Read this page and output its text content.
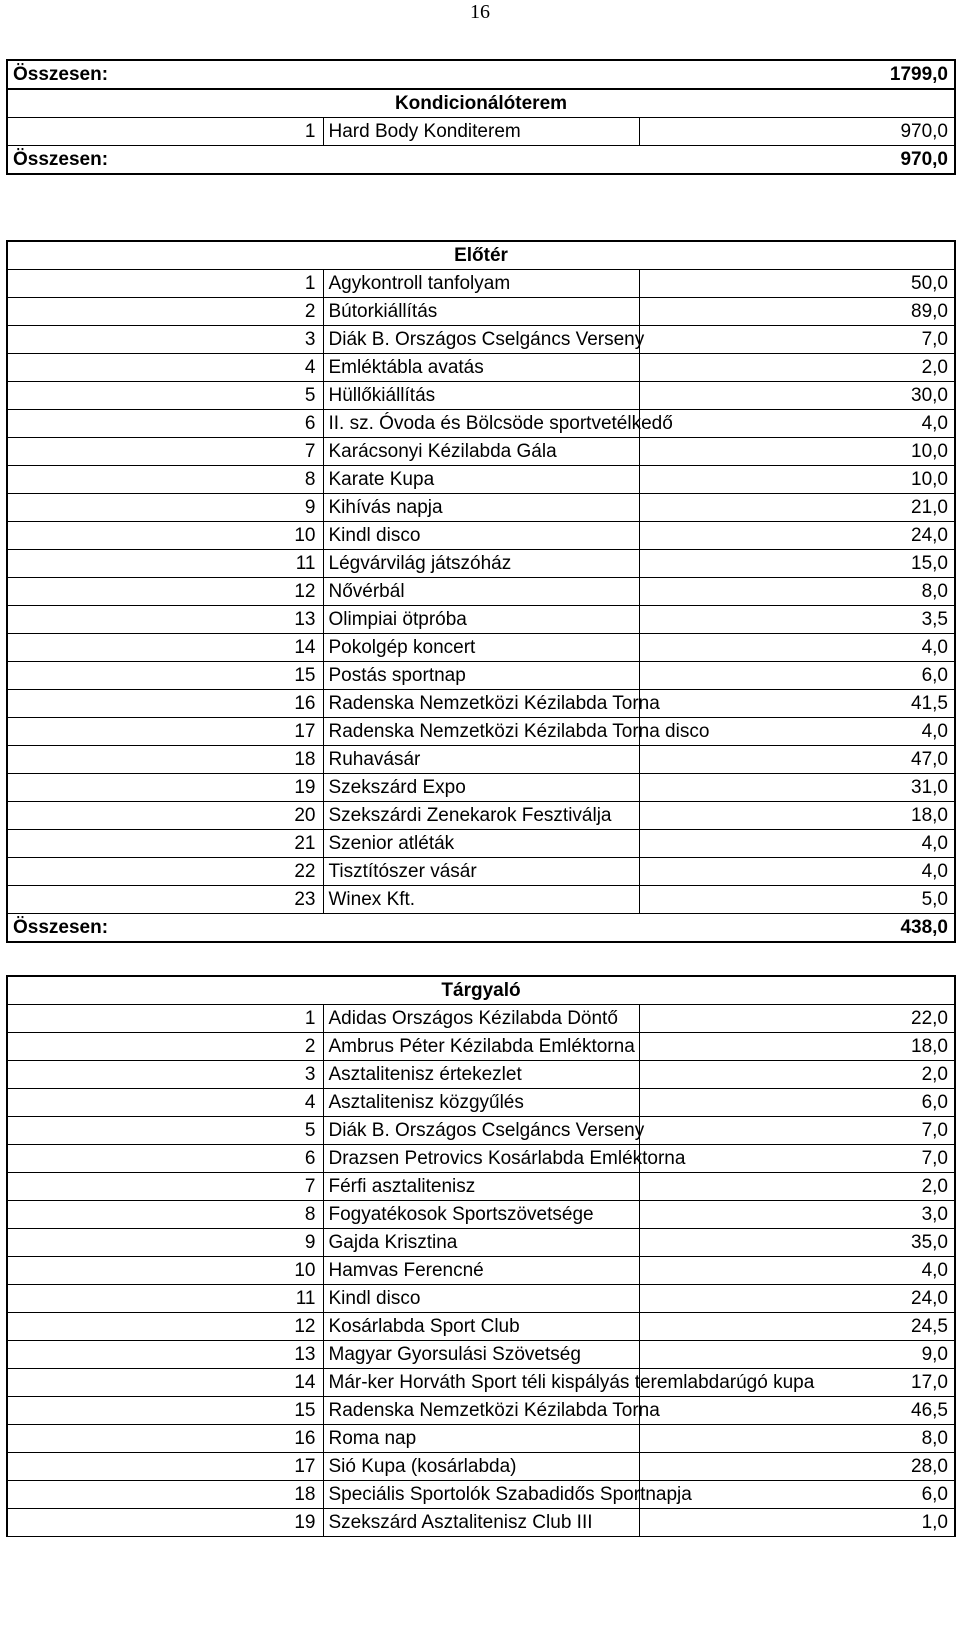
16
Összesen:		1799,0
Kondicionálóterem		
1	Hard Body Konditerem	970,0
Összesen:		970,0
Előtér		
1	Agykontroll tanfolyam	50,0
2	Bútorkiállítás	89,0
3	Diák B. Országos Cselgáncs Verseny	7,0
4	Emléktábla avatás	2,0
5	Hüllőkiállítás	30,0
6	II. sz. Óvoda és Bölcsöde sportvetélkedő	4,0
7	Karácsonyi Kézilabda Gála	10,0
8	Karate Kupa	10,0
9	Kihívás napja	21,0
10	Kindl disco	24,0
11	Légvárvilág játszóház	15,0
12	Nővérbál	8,0
13	Olimpiai ötpróba	3,5
14	Pokolgép koncert	4,0
15	Postás sportnap	6,0
16	Radenska Nemzetközi Kézilabda Torna	41,5
17	Radenska Nemzetközi Kézilabda Torna disco	4,0
18	Ruhavásár	47,0
19	Szekszárd Expo	31,0
20	Szekszárdi Zenekarok Fesztiválja	18,0
21	Szenior atléták	4,0
22	Tisztítószer vásár	4,0
23	Winex Kft.	5,0
Összesen:		438,0
Tárgyaló		
1	Adidas Országos Kézilabda Döntő	22,0
2	Ambrus Péter Kézilabda Emléktorna	18,0
3	Asztalitenisz értekezlet	2,0
4	Asztalitenisz közgyűlés	6,0
5	Diák B. Országos Cselgáncs Verseny	7,0
6	Drazsen Petrovics Kosárlabda Emléktorna	7,0
7	Férfi asztalitenisz	2,0
8	Fogyatékosok Sportszövetsége	3,0
9	Gajda Krisztina	35,0
10	Hamvas Ferencné	4,0
11	Kindl disco	24,0
12	Kosárlabda Sport Club	24,5
13	Magyar Gyorsulási Szövetség	9,0
14	Már-ker Horváth Sport téli kispályás teremlabdarúgó kupa	17,0
15	Radenska Nemzetközi Kézilabda Torna	46,5
16	Roma nap	8,0
17	Sió Kupa (kosárlabda)	28,0
18	Speciális Sportolók Szabadidős Sportnapja	6,0
19	Szekszárd Asztalitenisz Club III	1,0
